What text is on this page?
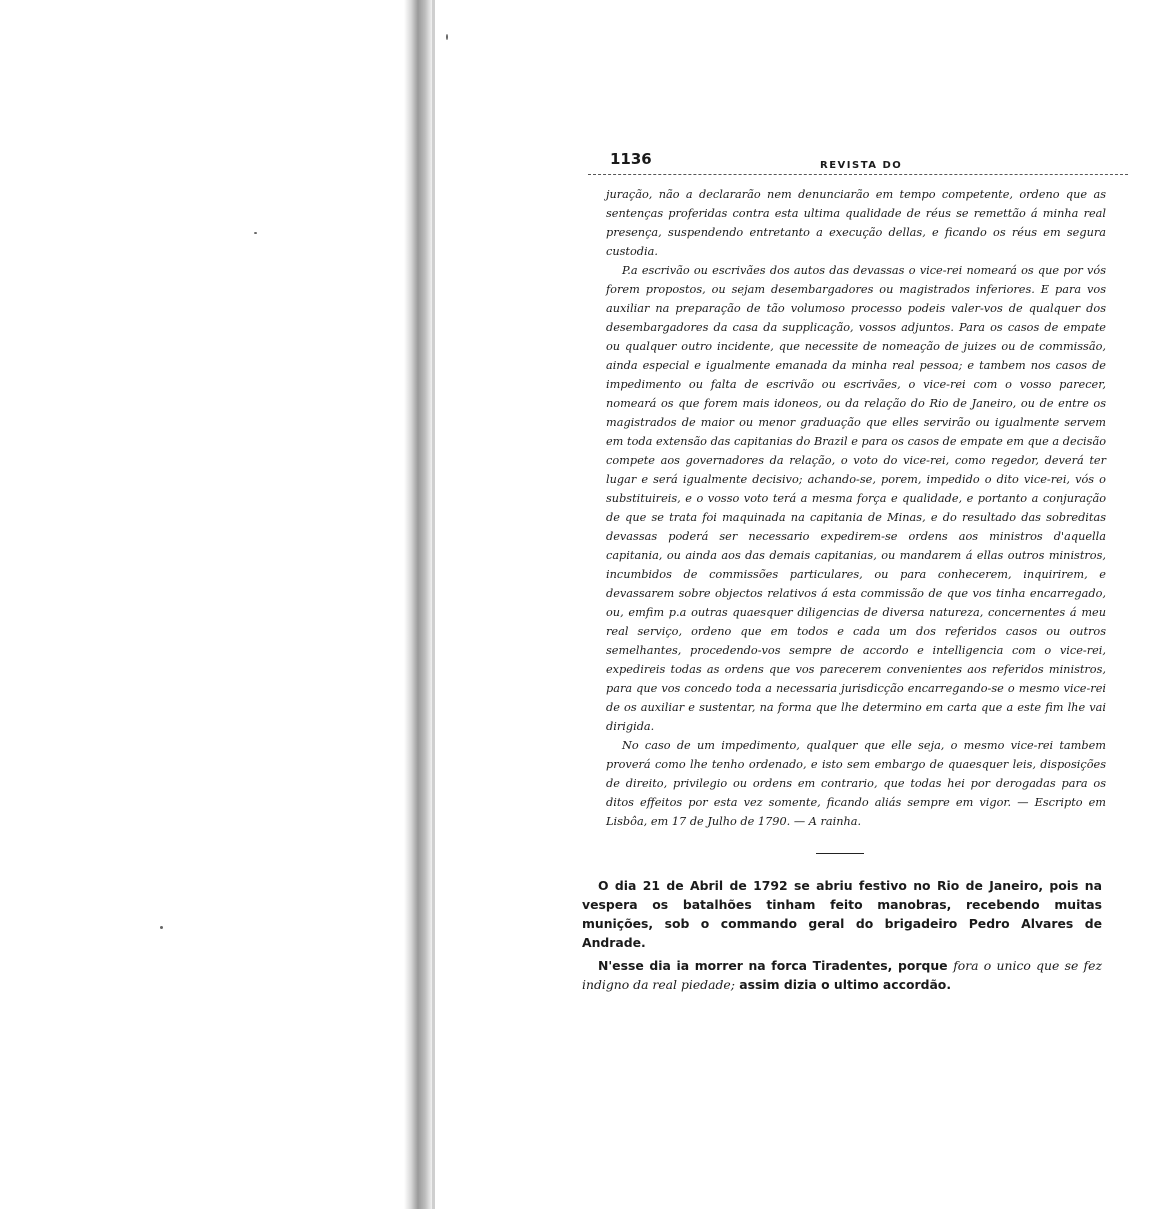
1136	REVISTA DO

juração, não a declararão nem denunciarão em tempo competente, ordeno que as sentenças proferidas contra esta ultima qualidade de réus se remettão á minha real presença, suspendendo entretanto a execução dellas, e ficando os réus em segura custodia.

P.a escrivão ou escrivães dos autos das devassas o vice-rei nomeará os que por vós forem propostos, ou sejam desembargadores ou magistrados inferiores. E para vos auxiliar na preparação de tão volumoso processo podeis valer-vos de qualquer dos desembargadores da casa da supplicação, vossos adjuntos. Para os casos de empate ou qualquer outro incidente, que necessite de nomeação de juizes ou de commissão, ainda especial e igualmente emanada da minha real pessoa; e tambem nos casos de impedimento ou falta de escrivão ou escrivães, o vice-rei com o vosso parecer, nomeará os que forem mais idoneos, ou da relação do Rio de Janeiro, ou de entre os magistrados de maior ou menor graduação que elles servirão ou igualmente servem em toda extensão das capitanias do Brazil e para os casos de empate em que a decisão compete aos governadores da relação, o voto do vice-rei, como regedor, deverá ter lugar e será igualmente decisivo; achando-se, porem, impedido o dito vice-rei, vós o substituireis, e o vosso voto terá a mesma força e qualidade, e portanto a conjuração de que se trata foi maquinada na capitania de Minas, e do resultado das sobreditas devassas poderá ser necessario expedirem-se ordens aos ministros d'aquella capitania, ou ainda aos das demais capitanias, ou mandarem á ellas outros ministros, incumbidos de commissões particulares, ou para conhecerem, inquirirem, e devassarem sobre objectos relativos á esta commissão de que vos tinha encarregado, ou, emfim p.a outras quaesquer diligencias de diversa natureza, concernentes á meu real serviço, ordeno que em todos e cada um dos referidos casos ou outros semelhantes, procedendo-vos sempre de accordo e intelligencia com o vice-rei, expedireis todas as ordens que vos parecerem convenientes aos referidos ministros, para que vos concedo toda a necessaria jurisdicção encarregando-se o mesmo vice-rei de os auxiliar e sustentar, na forma que lhe determino em carta que a este fim lhe vai dirigida.

No caso de um impedimento, qualquer que elle seja, o mesmo vice-rei tambem proverá como lhe tenho ordenado, e isto sem embargo de quaesquer leis, disposições de direito, privilegio ou ordens em contrario, que todas hei por derogadas para os ditos effeitos por esta vez somente, ficando aliás sempre em vigor. — Escripto em Lisbôa, em 17 de Julho de 1790. — A rainha.

O dia 21 de Abril de 1792 se abriu festivo no Rio de Janeiro, pois na vespera os batalhões tinham feito manobras, recebendo muitas munições, sob o commando geral do brigadeiro Pedro Alvares de Andrade.

N'esse dia ia morrer na forca Tiradentes, porque fora o unico que se fez indigno da real piedade; assim dizia o ultimo accordão.
